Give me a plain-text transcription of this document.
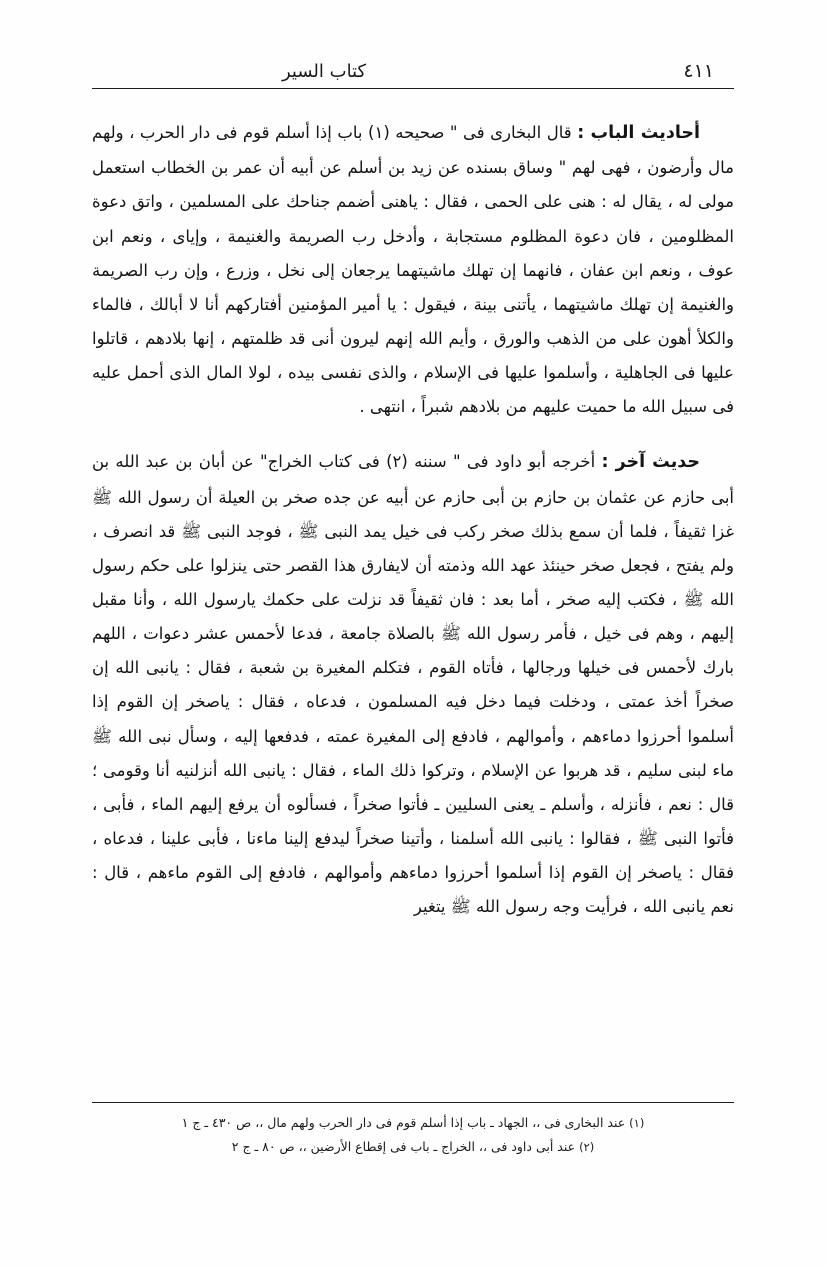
٤١١
كتاب السير

أحاديث الباب : قال البخارى فى " صحيحه (١) باب إذا أسلم قوم فى دار الحرب ، ولهم مال وأرضون ، فهى لهم " وساق بسنده عن زيد بن أسلم عن أبيه أن عمر بن الخطاب استعمل مولى له ، يقال له : هنى على الحمى ، فقال : ياهنى أضمم جناحك على المسلمين ، واتق دعوة المظلومين ، فان دعوة المظلوم مستجابة ، وأدخل رب الصريمة والغنيمة ، وإياى ، ونعم ابن عوف ، ونعم ابن عفان ، فانهما إن تهلك ماشيتهما يرجعان إلى نخل ، وزرع ، وإن رب الصريمة والغنيمة إن تهلك ماشيتهما ، يأتنى بينة ، فيقول : يا أمير المؤمنين أفتاركهم أنا لا أبالك ، فالماء والكلأ أهون على من الذهب والورق ، وأيم الله إنهم ليرون أنى قد ظلمتهم ، إنها بلادهم ، قاتلوا عليها فى الجاهلية ، وأسلموا عليها فى الإسلام ، والذى نفسى بيده ، لولا المال الذى أحمل عليه فى سبيل الله ما حميت عليهم من بلادهم شبراً ، انتهى .

حديث آخر : أخرجه أبو داود فى " سننه (٢) فى كتاب الخراج" عن أبان بن عبد الله بن أبى حازم عن عثمان بن حازم بن أبى حازم عن أبيه عن جده صخر بن العيلة أن رسول الله ﷺ غزا ثقيفاً ، فلما أن سمع بذلك صخر ركب فى خيل يمد النبى ﷺ ، فوجد النبى ﷺ قد انصرف ، ولم يفتح ، فجعل صخر حينئذ عهد الله وذمته أن لايفارق هذا القصر حتى ينزلوا على حكم رسول الله ﷺ ، فكتب إليه صخر ، أما بعد : فان ثقيفاً قد نزلت على حكمك يارسول الله ، وأنا مقبل إليهم ، وهم فى خيل ، فأمر رسول الله ﷺ بالصلاة جامعة ، فدعا لأحمس عشر دعوات ، اللهم بارك لأحمس فى خيلها ورجالها ، فأتاه القوم ، فتكلم المغيرة بن شعبة ، فقال : يانبى الله إن صخراً أخذ عمتى ، ودخلت فيما دخل فيه المسلمون ، فدعاه ، فقال : ياصخر إن القوم إذا أسلموا أحرزوا دماءهم ، وأموالهم ، فادفع إلى المغيرة عمته ، فدفعها إليه ، وسأل نبى الله ﷺ ماء لبنى سليم ، قد هربوا عن الإسلام ، وتركوا ذلك الماء ، فقال : يانبى الله أنزلنيه أنا وقومى ؛ قال : نعم ، فأنزله ، وأسلم ـ يعنى السليين ـ فأتوا صخراً ، فسألوه أن يرفع إليهم الماء ، فأبى ، فأتوا النبى ﷺ ، فقالوا : يانبى الله أسلمنا ، وأتينا صخراً ليدفع إلينا ماءنا ، فأبى علينا ، فدعاه ، فقال : ياصخر إن القوم إذا أسلموا أحرزوا دماءهم وأموالهم ، فادفع إلى القوم ماءهم ، قال : نعم يانبى الله ، فرأيت وجه رسول الله ﷺ يتغير

(١) عند البخارى فى ،، الجهاد ـ باب إذا أسلم قوم فى دار الحرب ولهم مال ،، ص ٤٣٠ ـ ج ١
(٢) عند أبى داود فى ،، الخراج ـ باب فى إقطاع الأرضين ،، ص ٨٠ ـ ج ٢
